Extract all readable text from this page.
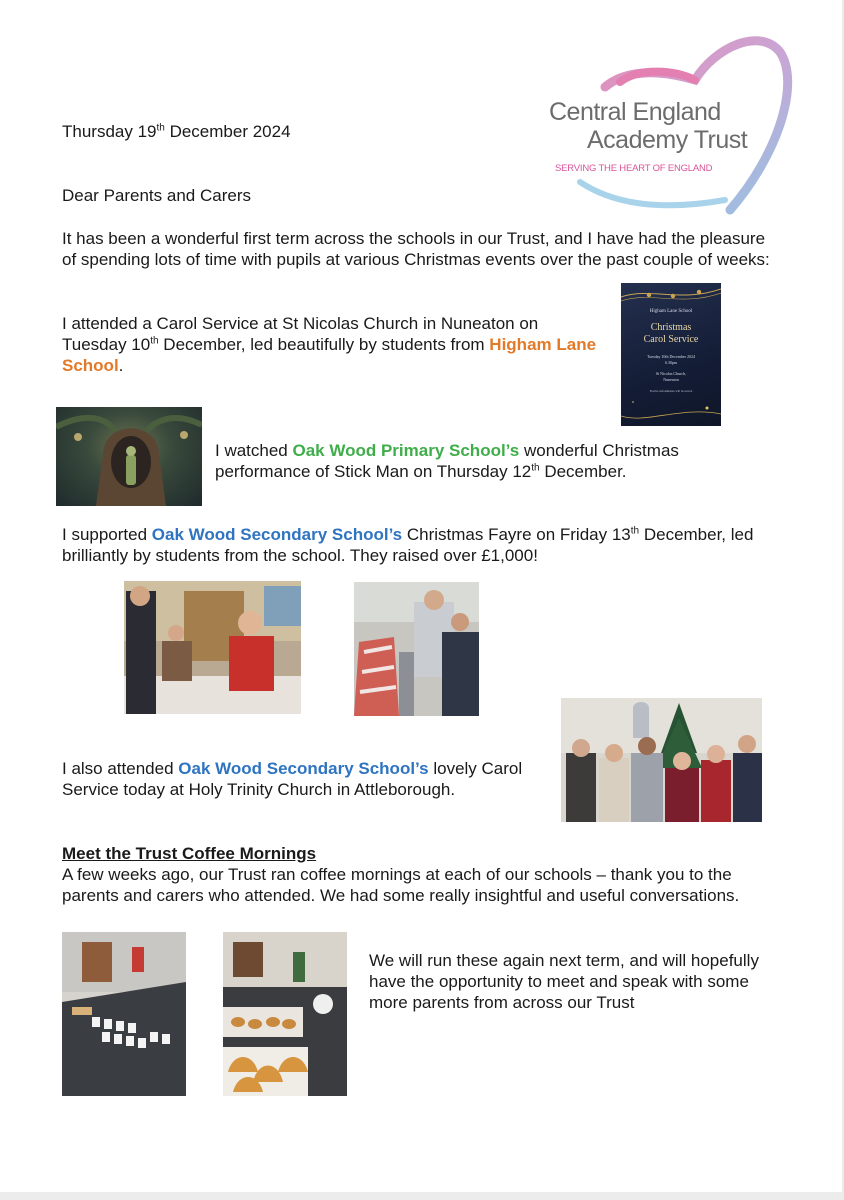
Central England
Academy Trust
SERVING THE HEART OF ENGLAND
Thursday 19th December 2024
Dear Parents and Carers
It has been a wonderful first term across the schools in our Trust, and I have had the pleasure of spending lots of time with pupils at various Christmas events over the past couple of weeks:
I attended a Carol Service at St Nicolas Church in Nuneaton on Tuesday 10th December, led beautifully by students from Higham Lane School.
Higham Lane School
Christmas
Carol Service
Tuesday 10th December 2024
6.30pm
St Nicolas Church,
Nuneaton
Festive refreshments will be served
I watched Oak Wood Primary School’s wonderful Christmas performance of Stick Man on Thursday 12th December.
I supported Oak Wood Secondary School’s Christmas Fayre on Friday 13th December, led brilliantly by students from the school. They raised over £1,000!
I also attended Oak Wood Secondary School’s lovely Carol Service today at Holy Trinity Church in Attleborough.
Meet the Trust Coffee Mornings
A few weeks ago, our Trust ran coffee mornings at each of our schools – thank you to the parents and carers who attended. We had some really insightful and useful conversations.
We will run these again next term, and will hopefully have the opportunity to meet and speak with some more parents from across our Trust
